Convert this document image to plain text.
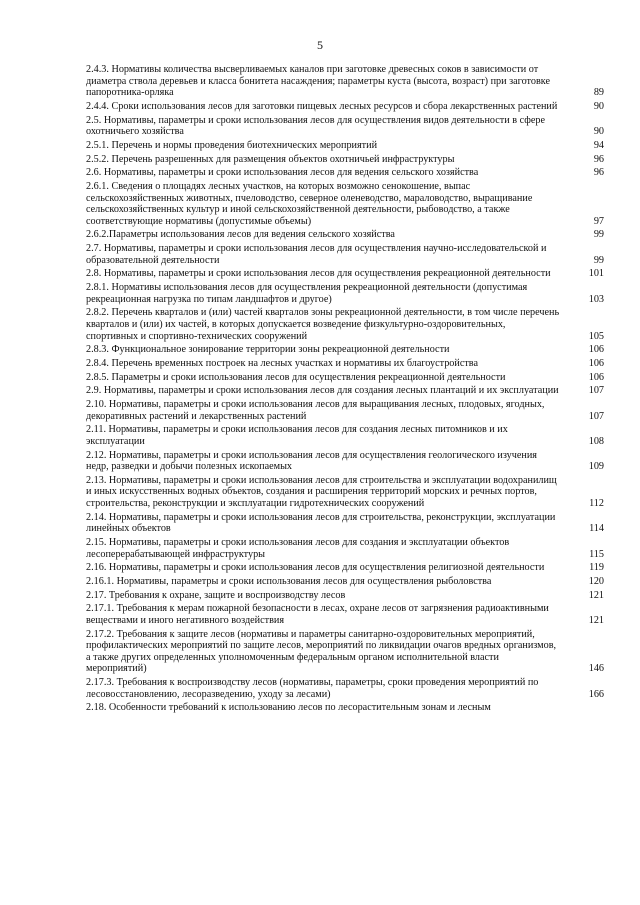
5
2.4.3. Нормативы количества высверливаемых каналов при заготовке древесных соков в зависимости от диаметра ствола деревьев и класса бонитета насаждения; параметры куста (высота, возраст) при заготовке папоротника-орляка	89
2.4.4. Сроки использования лесов для заготовки пищевых лесных ресурсов и сбора лекарственных растений	90
2.5. Нормативы, параметры и сроки использования лесов для осуществления видов деятельности в сфере охотничьего хозяйства	90
2.5.1. Перечень и нормы проведения биотехнических мероприятий	94
2.5.2. Перечень разрешенных для размещения объектов охотничьей инфраструктуры	96
2.6. Нормативы, параметры и сроки использования лесов для ведения сельского хозяйства	96
2.6.1. Сведения о площадях лесных участков, на которых возможно сенокошение, выпас сельскохозяйственных животных, пчеловодство, северное оленеводство, мараловодство, выращивание сельскохозяйственных культур и иной сельскохозяйственной деятельности, рыбоводство, а также соответствующие нормативы (допустимые объемы)	97
2.6.2.Параметры использования лесов для ведения сельского хозяйства	99
2.7. Нормативы, параметры и сроки использования лесов для осуществления научно-исследовательской и образовательной деятельности	99
2.8. Нормативы, параметры и сроки использования лесов для осуществления рекреационной деятельности	101
2.8.1. Нормативы использования лесов для осуществления рекреационной деятельности (допустимая рекреационная нагрузка по типам ландшафтов и другое)	103
2.8.2. Перечень кварталов и (или) частей кварталов зоны рекреационной деятельности, в том числе перечень кварталов и (или) их частей, в которых допускается возведение физкультурно-оздоровительных, спортивных и спортивно-технических сооружений	105
2.8.3. Функциональное зонирование территории зоны рекреационной деятельности	106
2.8.4. Перечень временных построек на лесных участках и нормативы их благоустройства	106
2.8.5. Параметры и сроки использования лесов для осуществления рекреационной деятельности	106
2.9. Нормативы, параметры и сроки использования лесов для создания лесных плантаций и их эксплуатации	107
2.10. Нормативы, параметры и сроки использования лесов для выращивания лесных, плодовых, ягодных, декоративных растений и лекарственных растений	107
2.11. Нормативы, параметры и сроки использования лесов для создания лесных питомников и их эксплуатации	108
2.12. Нормативы, параметры и сроки использования лесов для осуществления геологического изучения недр, разведки и добычи полезных ископаемых	109
2.13. Нормативы, параметры и сроки использования лесов для строительства и эксплуатации водохранилищ и иных искусственных водных объектов, создания и расширения территорий морских и речных портов, строительства, реконструкции и эксплуатации гидротехнических сооружений	112
2.14. Нормативы, параметры и сроки использования лесов для строительства, реконструкции, эксплуатации линейных объектов	114
2.15. Нормативы, параметры и сроки использования лесов для создания и эксплуатации объектов лесоперерабатывающей инфраструктуры	115
2.16. Нормативы, параметры и сроки использования лесов для осуществления религиозной деятельности	119
2.16.1. Нормативы, параметры и сроки использования лесов для осуществления рыболовства	120
2.17. Требования к охране, защите и воспроизводству лесов	121
2.17.1. Требования к мерам пожарной безопасности в лесах, охране лесов от загрязнения радиоактивными веществами и иного негативного воздействия	121
2.17.2. Требования к защите лесов (нормативы и параметры санитарно-оздоровительных мероприятий, профилактических мероприятий по защите лесов, мероприятий по ликвидации очагов вредных организмов, а также других определенных уполномоченным федеральным органом исполнительной власти мероприятий)	146
2.17.3. Требования к воспроизводству лесов (нормативы, параметры, сроки проведения мероприятий по лесовосстановлению, лесоразведению, уходу за лесами)	166
2.18. Особенности требований к использованию лесов по лесорастительным зонам и лесным
